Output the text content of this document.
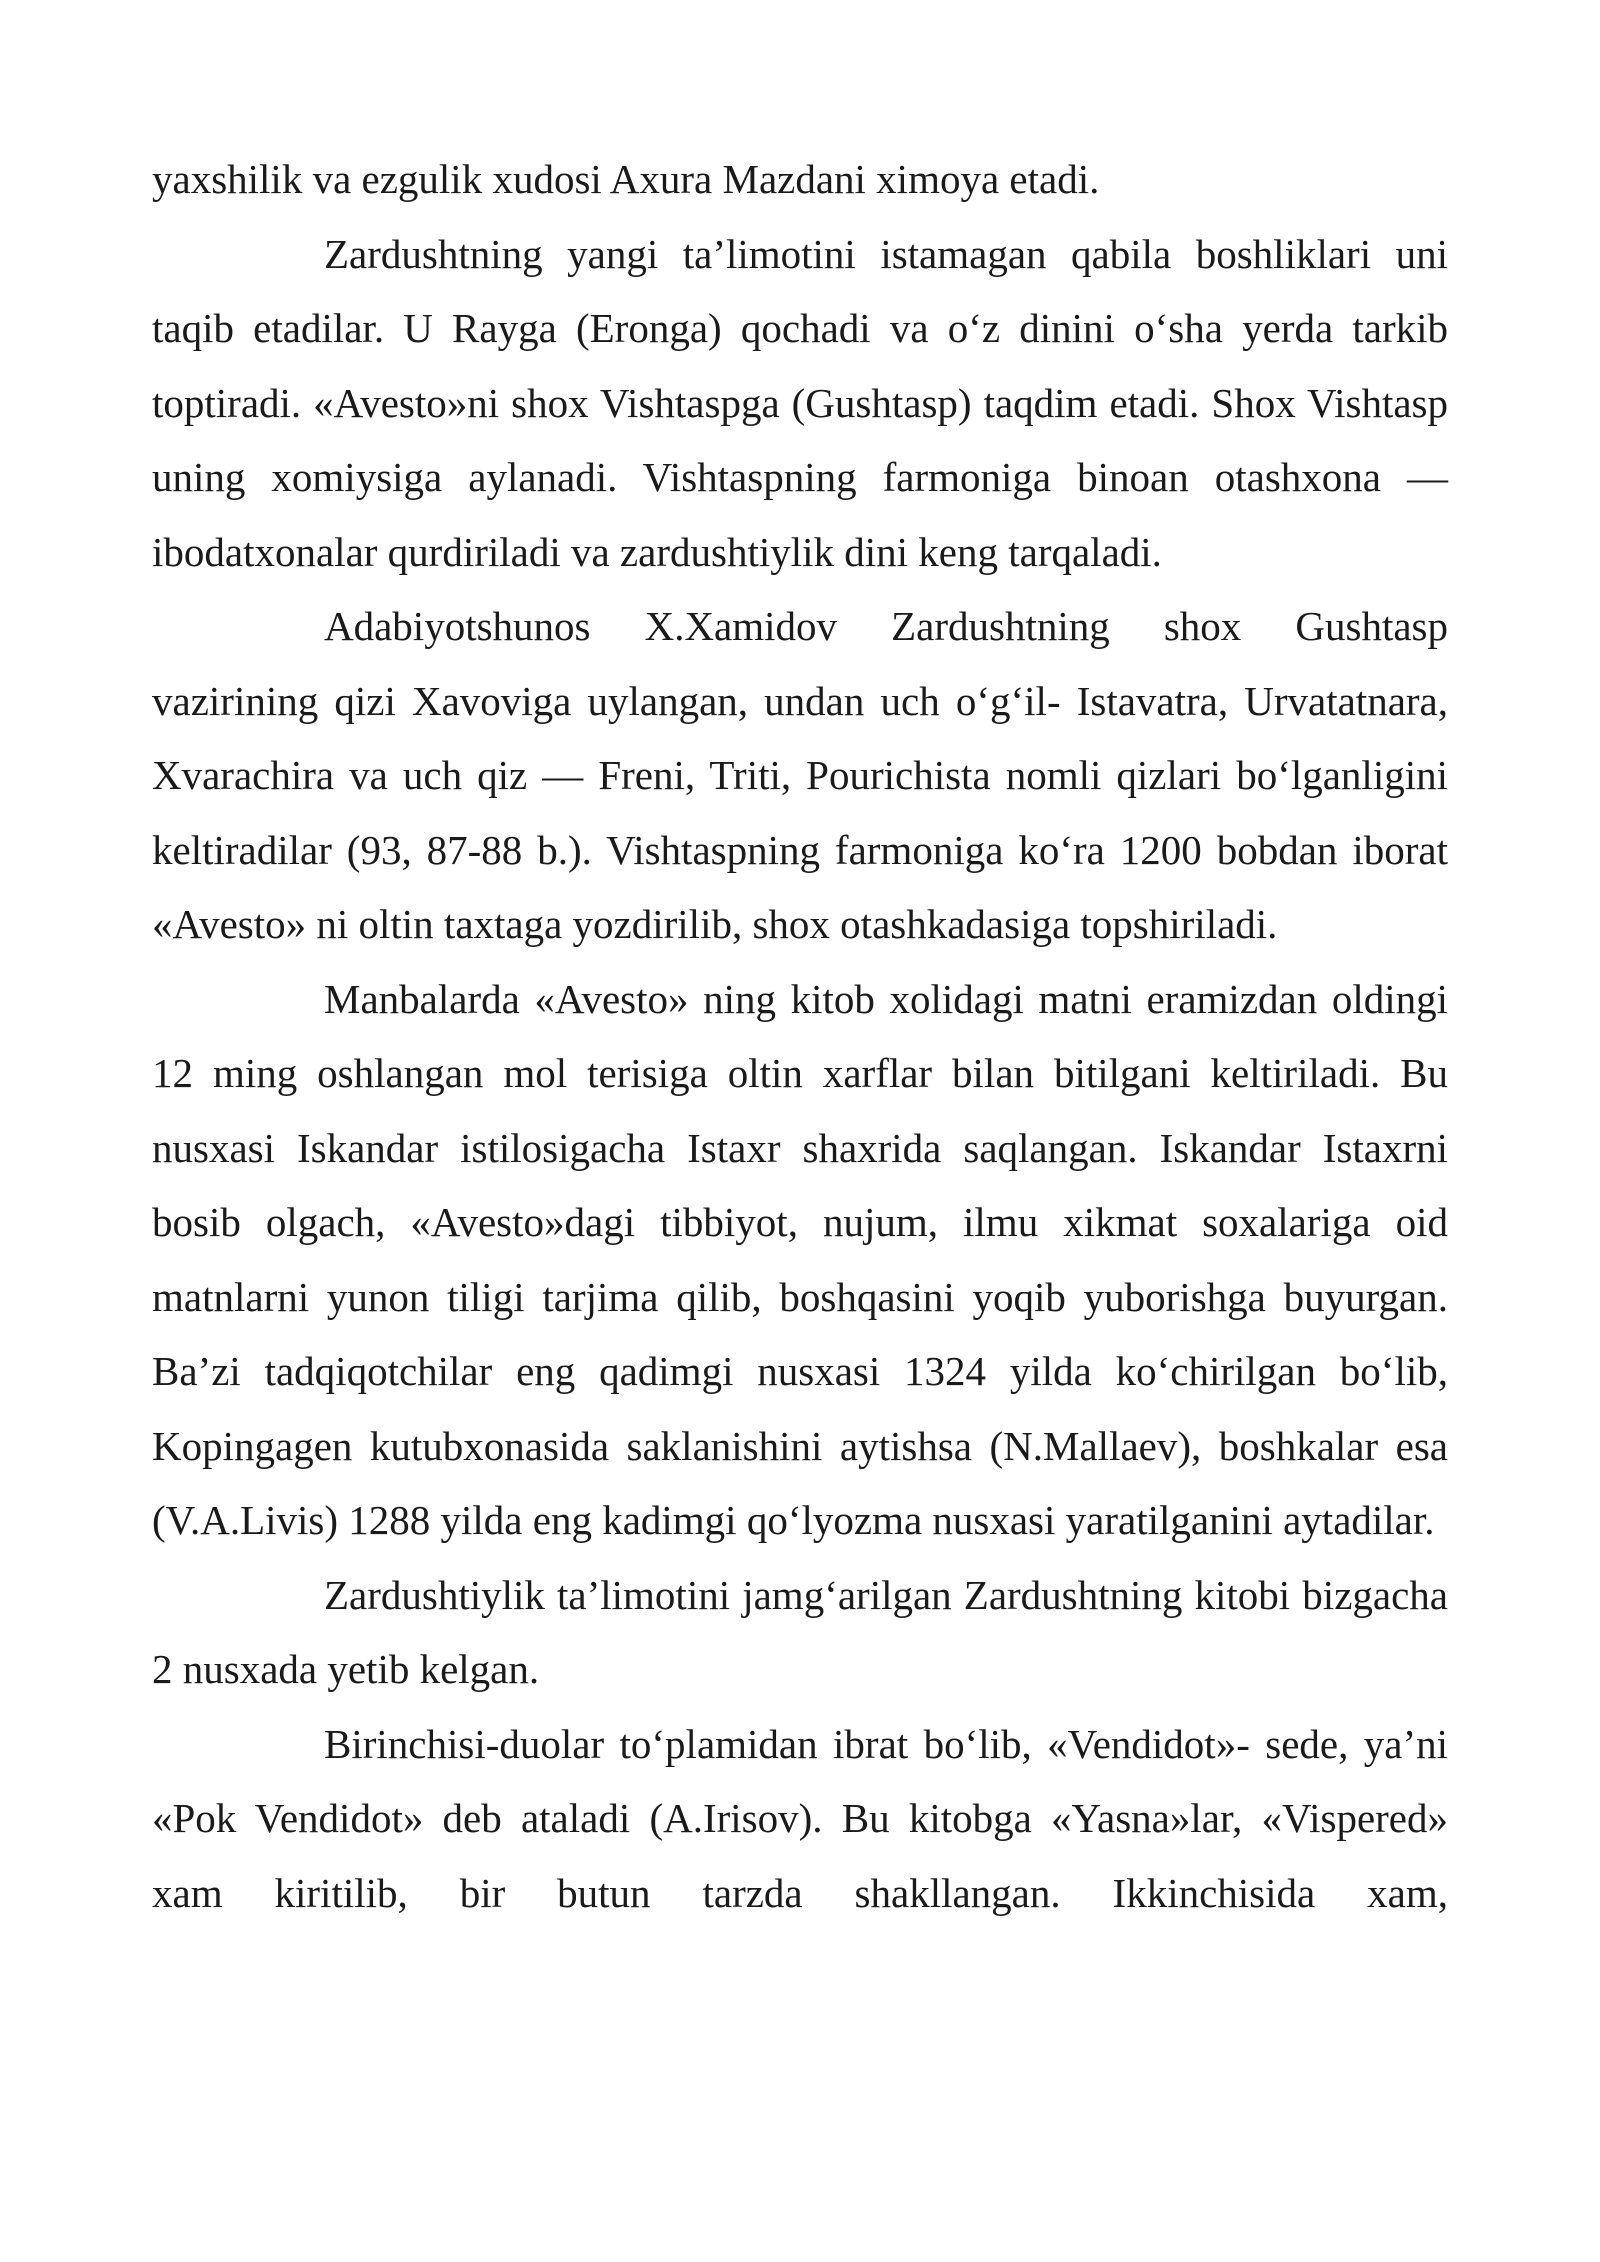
yaxshilik va ezgulik xudosi Axura Mazdani ximoya etadi.

Zardushtning yangi ta’limotini istamagan qabila boshliklari uni taqib etadilar. U Rayga (Eronga) qochadi va o‘z dinini o‘sha yerda tarkib toptiradi. «Avesto»ni shox Vishtaspga (Gushtasp) taqdim etadi. Shox Vishtasp uning xomiysiga aylanadi. Vishtaspning farmoniga binoan otashxona — ibodatxonalar qurdiriladi va zardushtiylik dini keng tarqaladi.

Adabiyotshunos X.Xamidov Zardushtning shox Gushtasp vazirining qizi Xavoviga uylangan, undan uch o‘g‘il- Istavatra, Urvatatnara, Xvarachira va uch qiz — Freni, Triti, Pourichista nomli qizlari bo‘lganligini keltiradilar (93, 87-88 b.). Vishtaspning farmoniga ko‘ra 1200 bobdan iborat «Avesto» ni oltin taxtaga yozdirilib, shox otashkadasiga topshiriladi.

Manbalarda «Avesto» ning kitob xolidagi matni eramizdan oldingi 12 ming oshlangan mol terisiga oltin xarflar bilan bitilgani keltiriladi. Bu nusxasi Iskandar istilosigacha Istaxr shaxrida saqlangan. Iskandar Istaxrni bosib olgach, «Avesto»dagi tibbiyot, nujum, ilmu xikmat soxalariga oid matnlarni yunon tiligi tarjima qilib, boshqasini yoqib yuborishga buyurgan. Ba’zi tadqiqotchilar eng qadimgi nusxasi 1324 yilda ko‘chirilgan bo‘lib, Kopingagen kutubxonasida saklanishini aytishsa (N.Mallaev), boshkalar esa (V.A.Livis) 1288 yilda eng kadimgi qo‘lyozma nusxasi yaratilganini aytadilar.

Zardushtiylik ta’limotini jamg‘arilgan Zardushtning kitobi bizgacha 2 nusxada yetib kelgan.

Birinchisi-duolar to‘plamidan ibrat bo‘lib, «Vendidot»- sede, ya’ni «Pok Vendidot» deb ataladi (A.Irisov). Bu kitobga «Yasna»lar, «Vispered» xam kiritilib, bir butun tarzda shakllangan. Ikkinchisida xam,
